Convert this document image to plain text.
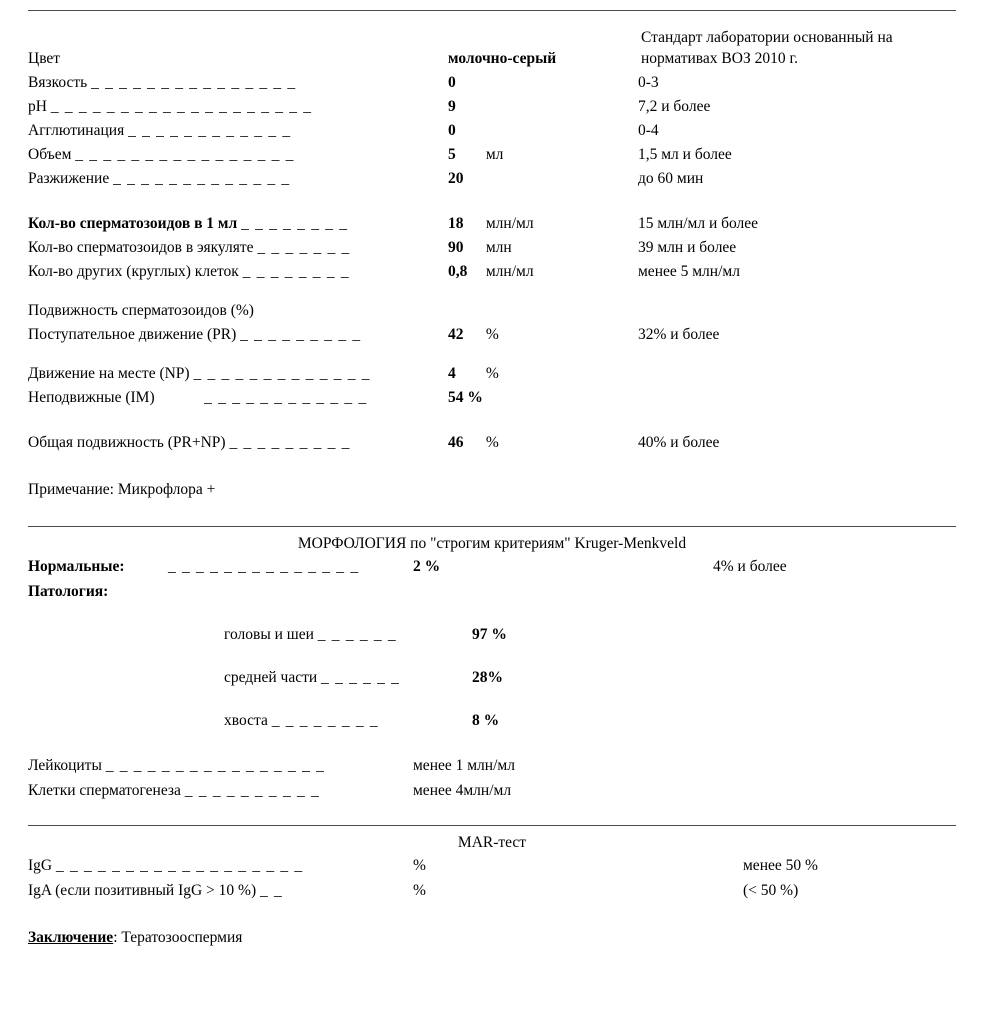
Стандарт лаборатории основанный на нормативах ВОЗ 2010 г.
Цвет	молочно-серый
Вязкость _ _ _ _ _ _ _ _ _ _ _ _ _ _ _	0	0-3
pH _ _ _ _ _ _ _ _ _ _ _ _ _ _ _ _ _ _ _	9	7,2 и более
Агглютинация _ _ _ _ _ _ _ _ _ _ _ _	0	0-4
Объем _ _ _ _ _ _ _ _ _ _ _ _ _ _ _ _	5 мл	1,5 мл и более
Разжижение _ _ _ _ _ _ _ _ _ _ _ _ _	20	до 60 мин
Кол-во сперматозоидов в 1 мл _ _ _ _ _ _ _ _	18 млн/мл	15 млн/мл и более
Кол-во сперматозоидов в эякуляте _ _ _ _ _ _ _	90 млн	39 млн и более
Кол-во других (круглых) клеток _ _ _ _ _ _ _ _	0,8 млн/мл	менее 5 млн/мл
Подвижность сперматозоидов (%)
Поступательное движение (PR) _ _ _ _ _ _ _ _ _	42 %	32% и более
Движение на месте (NP) _ _ _ _ _ _ _ _ _ _ _ _ _	4 %
Неподвижные (IM)          _ _ _ _ _ _ _ _ _ _ _ _	54 %
Общая подвижность (PR+NP) _ _ _ _ _ _ _ _ _	46 %	40% и более
Примечание: Микрофлора +
МОРФОЛОГИЯ по "строгим критериям" Kruger-Menkveld
Нормальные:	_ _ _ _ _ _ _ _ _ _ _ _ _ _	2 %	4% и более
Патология:
головы и шеи _ _ _ _ _ _	97 %
средней части _ _ _ _ _ _	28%
хвоста _ _ _ _ _ _ _ _	8 %
Лейкоциты _ _ _ _ _ _ _ _ _ _ _ _ _ _ _ _	менее 1 млн/мл
Клетки сперматогенеза _ _ _ _ _ _ _ _ _ _	менее 4млн/мл
MAR-тест
IgG _ _ _ _ _ _ _ _ _ _ _ _ _ _ _ _ _ _	%	менее 50 %
IgA (если позитивный IgG > 10 %) _ _	%	(< 50 %)
Заключение: Тератозооспермия
